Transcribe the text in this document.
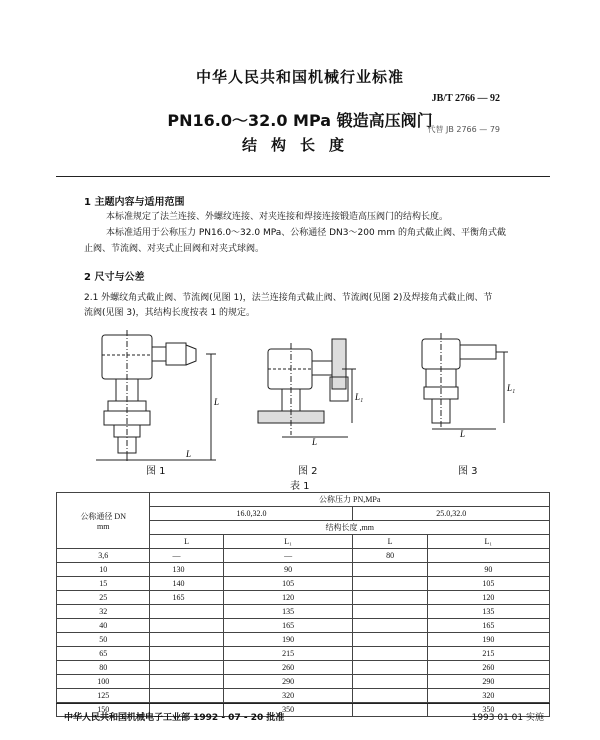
中华人民共和国机械行业标准
JB/T 2766 — 92
PN16.0～32.0 MPa 锻造高压阀门
代替 JB 2766 — 79
结构长度
1 主题内容与适用范围
本标准规定了法兰连接、外螺纹连接、对夹连接和焊接连接锻造高压阀门的结构长度。
本标准适用于公称压力 PN16.0～32.0 MPa、公称通径 DN3～200 mm 的角式截止阀、平衡角式截
止阀、节流阀、对夹式止回阀和对夹式球阀。
2 尺寸与公差
2.1 外螺纹角式截止阀、节流阀(见图 1)，法兰连接角式截止阀、节流阀(见图 2)及焊接角式截止阀、节
流阀(见图 3)，其结构长度按表 1 的规定。
L
L
L
L₁
L
L₁
图 1	图 2	图 3
表 1
公称通径 DN
mm	公称压力 PN,MPa			
	16.0,32.0		25.0,32.0	
	结构长度 ,mm			
	L	L₁	L	L₁
3,6	—	—	80	
10	130	90		90
15	140	105		105
25	165	120		120
32		135		135
40		165		165
50		190		190
65		215		215
80		260		260
100		290		290
125		320		320
150		350		350
中华人民共和国机械电子工业部 1992 - 07 - 20 批准	1993 01 01 实施
